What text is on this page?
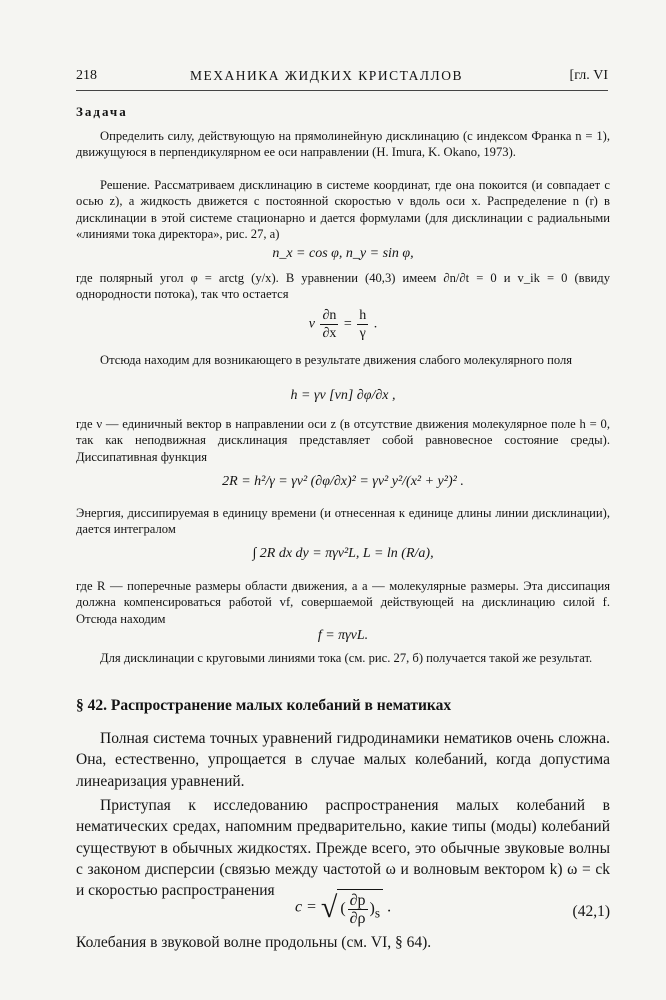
218	МЕХАНИКА ЖИДКИХ КРИСТАЛЛОВ	[гл. VI
Задача
Определить силу, действующую на прямолинейную дисклинацию (с индексом Франка n = 1), движущуюся в перпендикулярном ее оси направлении (H. Imura, K. Okano, 1973).
Решение. Рассматриваем дисклинацию в системе координат, где она покоится (и совпадает с осью z), а жидкость движется с постоянной скоростью v вдоль оси x. Распределение n (r) в дисклинации в этой системе стационарно и дается формулами (для дисклинации с радиальными «линиями тока директора», рис. 27, а)
n_x = cos φ, n_y = sin φ,
где полярный угол φ = arctg (y/x). В уравнении (40,3) имеем ∂n/∂t = 0 и v_ik = 0 (ввиду однородности потока), так что остается
v $\frac{\partial n}{\partial x} = \frac{h}{\gamma}$ .
Отсюда находим для возникающего в результате движения слабого молекулярного поля
h = γv [νn] ∂φ/∂x ,
где ν — единичный вектор в направлении оси z (в отсутствие движения молекулярное поле h = 0, так как неподвижная дисклинация представляет собой равновесное состояние среды). Диссипативная функция
2R = h²/γ = γv² (∂φ/∂x)² = γv² y²/(x² + y²)² .
Энергия, диссипируемая в единицу времени (и отнесенная к единице длины линии дисклинации), дается интегралом
∫ 2R dx dy = πγv²L, L = ln (R/a),
где R — поперечные размеры области движения, а a — молекулярные размеры. Эта диссипация должна компенсироваться работой vf, совершаемой действующей на дисклинацию силой f. Отсюда находим
f = πγvL.
Для дисклинации с круговыми линиями тока (см. рис. 27, б) получается такой же результат.
§ 42. Распространение малых колебаний в нематиках
Полная система точных уравнений гидродинамики нематиков очень сложна. Она, естественно, упрощается в случае малых колебаний, когда допустима линеаризация уравнений.
Приступая к исследованию распространения малых колебаний в нематических средах, напомним предварительно, какие типы (моды) колебаний существуют в обычных жидкостях. Прежде всего, это обычные звуковые волны с законом дисперсии (связью между частотой ω и волновым вектором k) ω = ck и скоростью распространения
c = √ ( $\frac{\partial p}{\partial\rho} )_s$ .	(42,1)
Колебания в звуковой волне продольны (см. VI, § 64).
